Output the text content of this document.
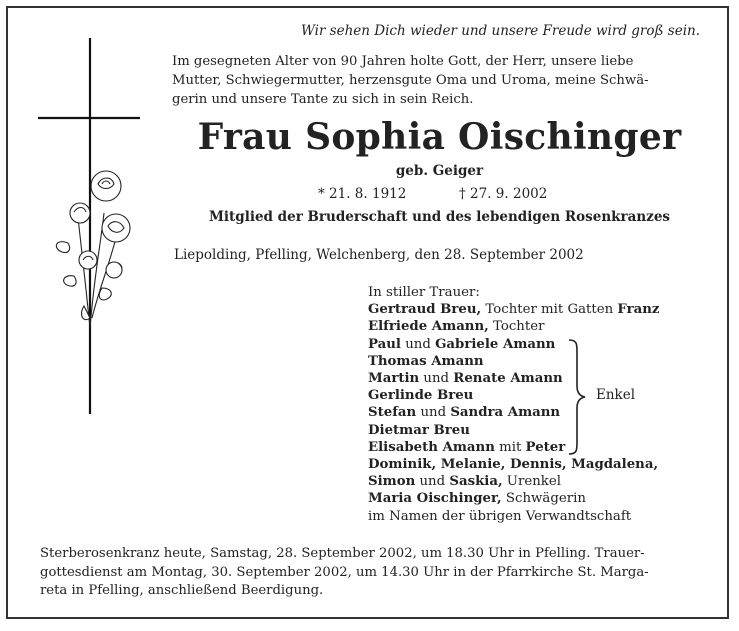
Wir sehen Dich wieder und unsere Freude wird groß sein.
Im gesegneten Alter von 90 Jahren holte Gott, der Herr, unsere liebe
Mutter, Schwiegermutter, herzensgute Oma und Uroma, meine Schwä-
gerin und unsere Tante zu sich in sein Reich.
Frau Sophia Oischinger
geb. Geiger
* 21. 8. 1912	† 27. 9. 2002
Mitglied der Bruderschaft und des lebendigen Rosenkranzes
Liepolding, Pfelling, Welchenberg, den 28. September 2002
In stiller Trauer:
Gertraud Breu, Tochter mit Gatten Franz
Elfriede Amann, Tochter
Paul und Gabriele Amann
Thomas Amann
Martin und Renate Amann
Gerlinde Breu
Stefan und Sandra Amann
Dietmar Breu
Elisabeth Amann mit Peter
Dominik, Melanie, Dennis, Magdalena,
Simon und Saskia, Urenkel
Maria Oischinger, Schwägerin
im Namen der übrigen Verwandtschaft
Enkel
Sterberosenkranz heute, Samstag, 28. September 2002, um 18.30 Uhr in Pfelling. Trauer-
gottesdienst am Montag, 30. September 2002, um 14.30 Uhr in der Pfarrkirche St. Marga-
reta in Pfelling, anschließend Beerdigung.
